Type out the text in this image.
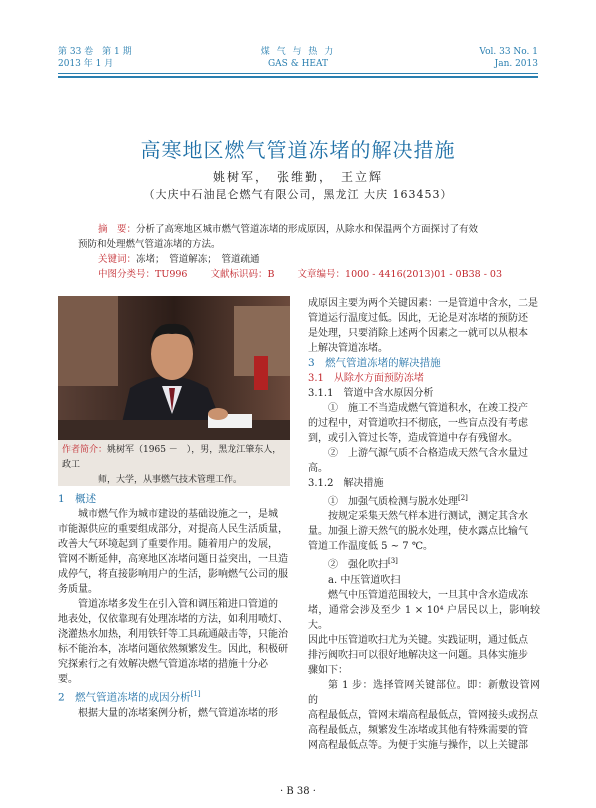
第 33 卷　第 1 期
2013 年 1 月
煤 气 与 热 力
GAS & HEAT
Vol. 33 No. 1
Jan. 2013
高寒地区燃气管道冻堵的解决措施
姚树军，　张维勤，　王立辉
（大庆中石油昆仑燃气有限公司，黑龙江 大庆 163453）
摘　要：分析了高寒地区城市燃气管道冻堵的形成原因，从除水和保温两个方面探讨了有效
预防和处理燃气管道冻堵的方法。
关键词：冻堵；　管道解冻；　管道疏通
中图分类号：TU996 文献标识码：B 文章编号：1000 - 4416(2013)01 - 0B38 - 03
作者简介：姚树军（1965 －　），男，黑龙江肇东人，政工
师，大学，从事燃气技术管理工作。
1　概述

城市燃气作为城市建设的基础设施之一，是城

市能源供应的重要组成部分，对提高人民生活质量，

改善大气环境起到了重要作用。随着用户的发展，

管网不断延伸，高寒地区冻堵问题日益突出，一旦造

成停气，将直接影响用户的生活，影响燃气公司的服

务质量。

管道冻堵多发生在引入管和调压箱进口管道的

地表处，仅依靠现有处理冻堵的方法，如利用喷灯、

浇灌热水加热，利用铁钎等工具疏通敲击等，只能治

标不能治本，冻堵问题依然频繁发生。因此，积极研

究探索行之有效解决燃气管道冻堵的措施十分必

要。

2　燃气管道冻堵的成因分析[1]

根据大量的冻堵案例分析，燃气管道冻堵的形

成原因主要为两个关键因素：一是管道中含水，二是

管道运行温度过低。因此，无论是对冻堵的预防还

是处理，只要消除上述两个因素之一就可以从根本

上解决管道冻堵。

3　燃气管道冻堵的解决措施
3.1　从除水方面预防冻堵
3.1.1　管道中含水原因分析

①　施工不当造成燃气管道积水，在竣工投产

的过程中，对管道吹扫不彻底，一些盲点没有考虑

到，或引入管过长等，造成管道中存有残留水。

②　上游气源气质不合格造成天然气含水量过

高。

3.1.2　解决措施

①　加强气质检测与脱水处理[2]

按规定采集天然气样本进行测试，测定其含水

量。加强上游天然气的脱水处理，使水露点比输气

管道工作温度低 5 ~ 7 ℃。

②　强化吹扫[3]

a. 中压管道吹扫

燃气中压管道范围较大，一旦其中含水造成冻

堵，通常会涉及至少 1 × 10⁴ 户居民以上，影响较大。

因此中压管道吹扫尤为关键。实践证明，通过低点

排污阀吹扫可以很好地解决这一问题。具体实施步

骤如下：

第 1 步：选择管网关键部位。即：新敷设管网的

高程最低点，管网末端高程最低点，管网接头或拐点

高程最低点，频繁发生冻堵或其他有特殊需要的管

网高程最低点等。为便于实施与操作，以上关键部

· B 38 ·
